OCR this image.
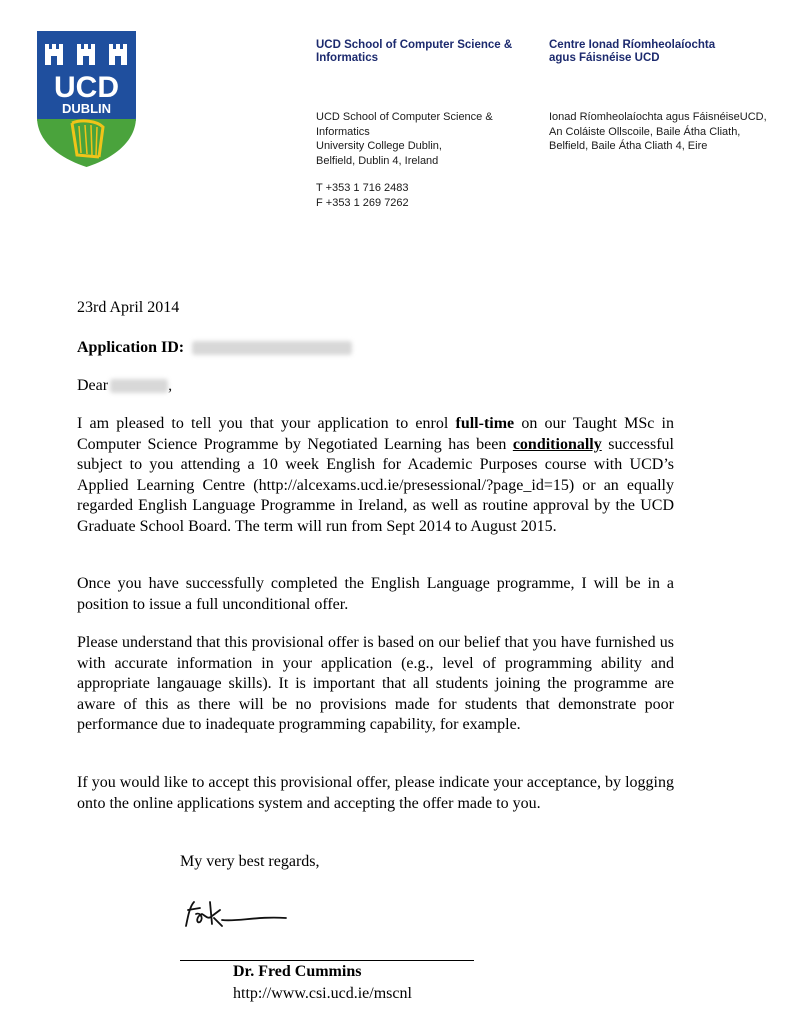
UCD
DUBLIN
UCD School of Computer Science &
Informatics
UCD School of Computer Science &
Informatics
University College Dublin,
Belfield, Dublin 4, Ireland
T +353 1 716 2483
F +353 1 269 7262
Centre Ionad Ríomheolaíochta
agus Fáisnéise UCD
Ionad Ríomheolaíochta agus FáisnéiseUCD,
An Coláiste Ollscoile, Baile Átha Cliath,
Belfield, Baile Átha Cliath 4, Eire
23rd April 2014
Application ID:
Dear	,
I am pleased to tell you that your application to enrol full-time on our Taught MSc in Computer Science Programme by Negotiated Learning has been conditionally successful subject to you attending a 10 week English for Academic Purposes course with UCD’s Applied Learning Centre (http://alcexams.ucd.ie/presessional/?page_id=15) or an equally regarded English Language Programme in Ireland, as well as routine approval by the UCD Graduate School Board. The term will run from Sept 2014 to August 2015.
Once you have successfully completed the English Language programme, I will be in a position to issue a full unconditional offer.
Please understand that this provisional offer is based on our belief that you have furnished us with accurate information in your application (e.g., level of programming ability and appropriate langauage skills). It is important that all students joining the programme are aware of this as there will be no provisions made for students that demonstrate poor performance due to inadequate programming capability, for example.
If you would like to accept this provisional offer, please indicate your acceptance, by logging onto the online applications system and accepting the offer made to you.
My very best regards,
Dr. Fred Cummins
http://www.csi.ucd.ie/mscnl
